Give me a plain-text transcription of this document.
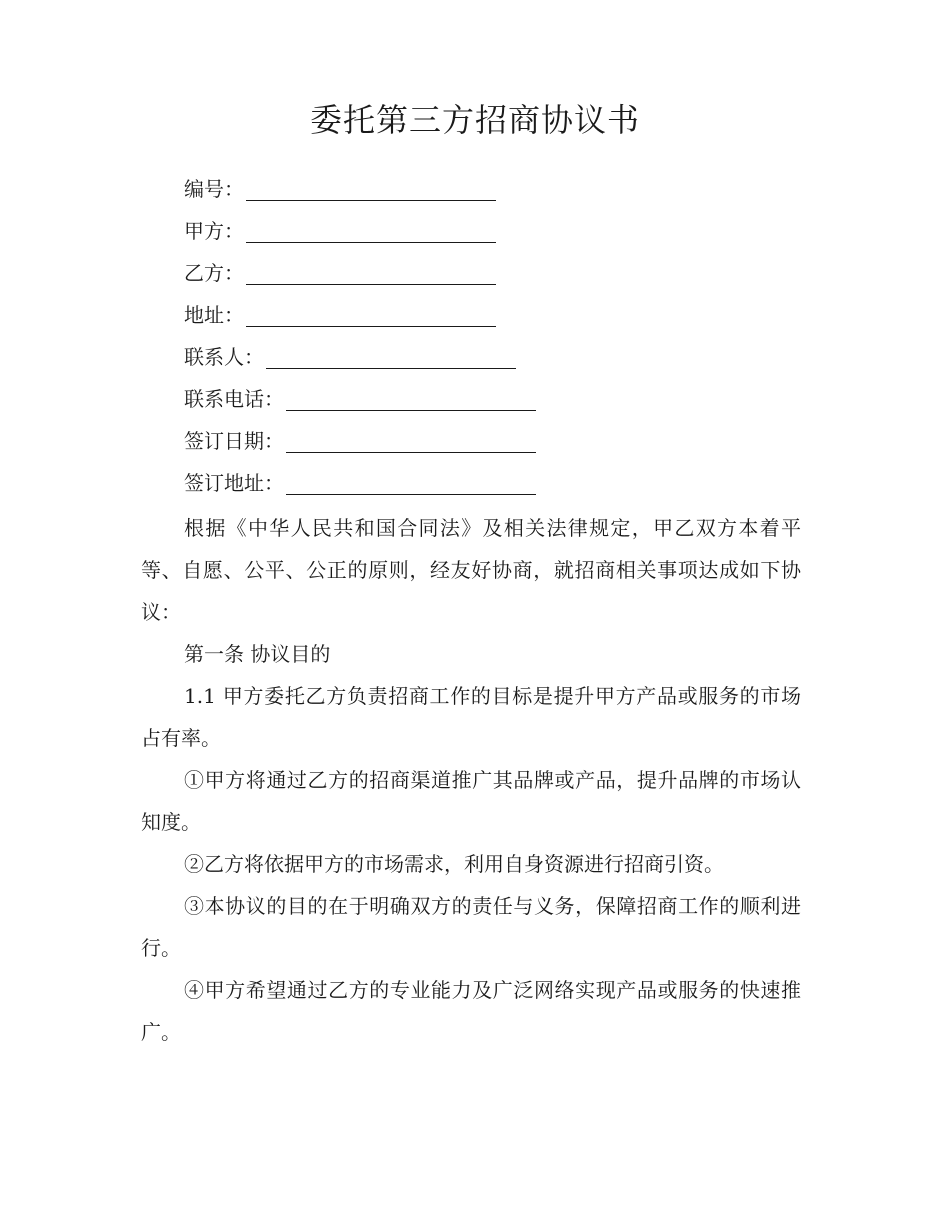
委托第三方招商协议书
编号：
甲方：
乙方：
地址：
联系人：
联系电话：
签订日期：
签订地址：

根据《中华人民共和国合同法》及相关法律规定，甲乙双方本着平等、自愿、公平、公正的原则，经友好协商，就招商相关事项达成如下协议：

第一条 协议目的

1.1 甲方委托乙方负责招商工作的目标是提升甲方产品或服务的市场占有率。

①甲方将通过乙方的招商渠道推广其品牌或产品，提升品牌的市场认知度。

②乙方将依据甲方的市场需求，利用自身资源进行招商引资。

③本协议的目的在于明确双方的责任与义务，保障招商工作的顺利进行。

④甲方希望通过乙方的专业能力及广泛网络实现产品或服务的快速推广。
